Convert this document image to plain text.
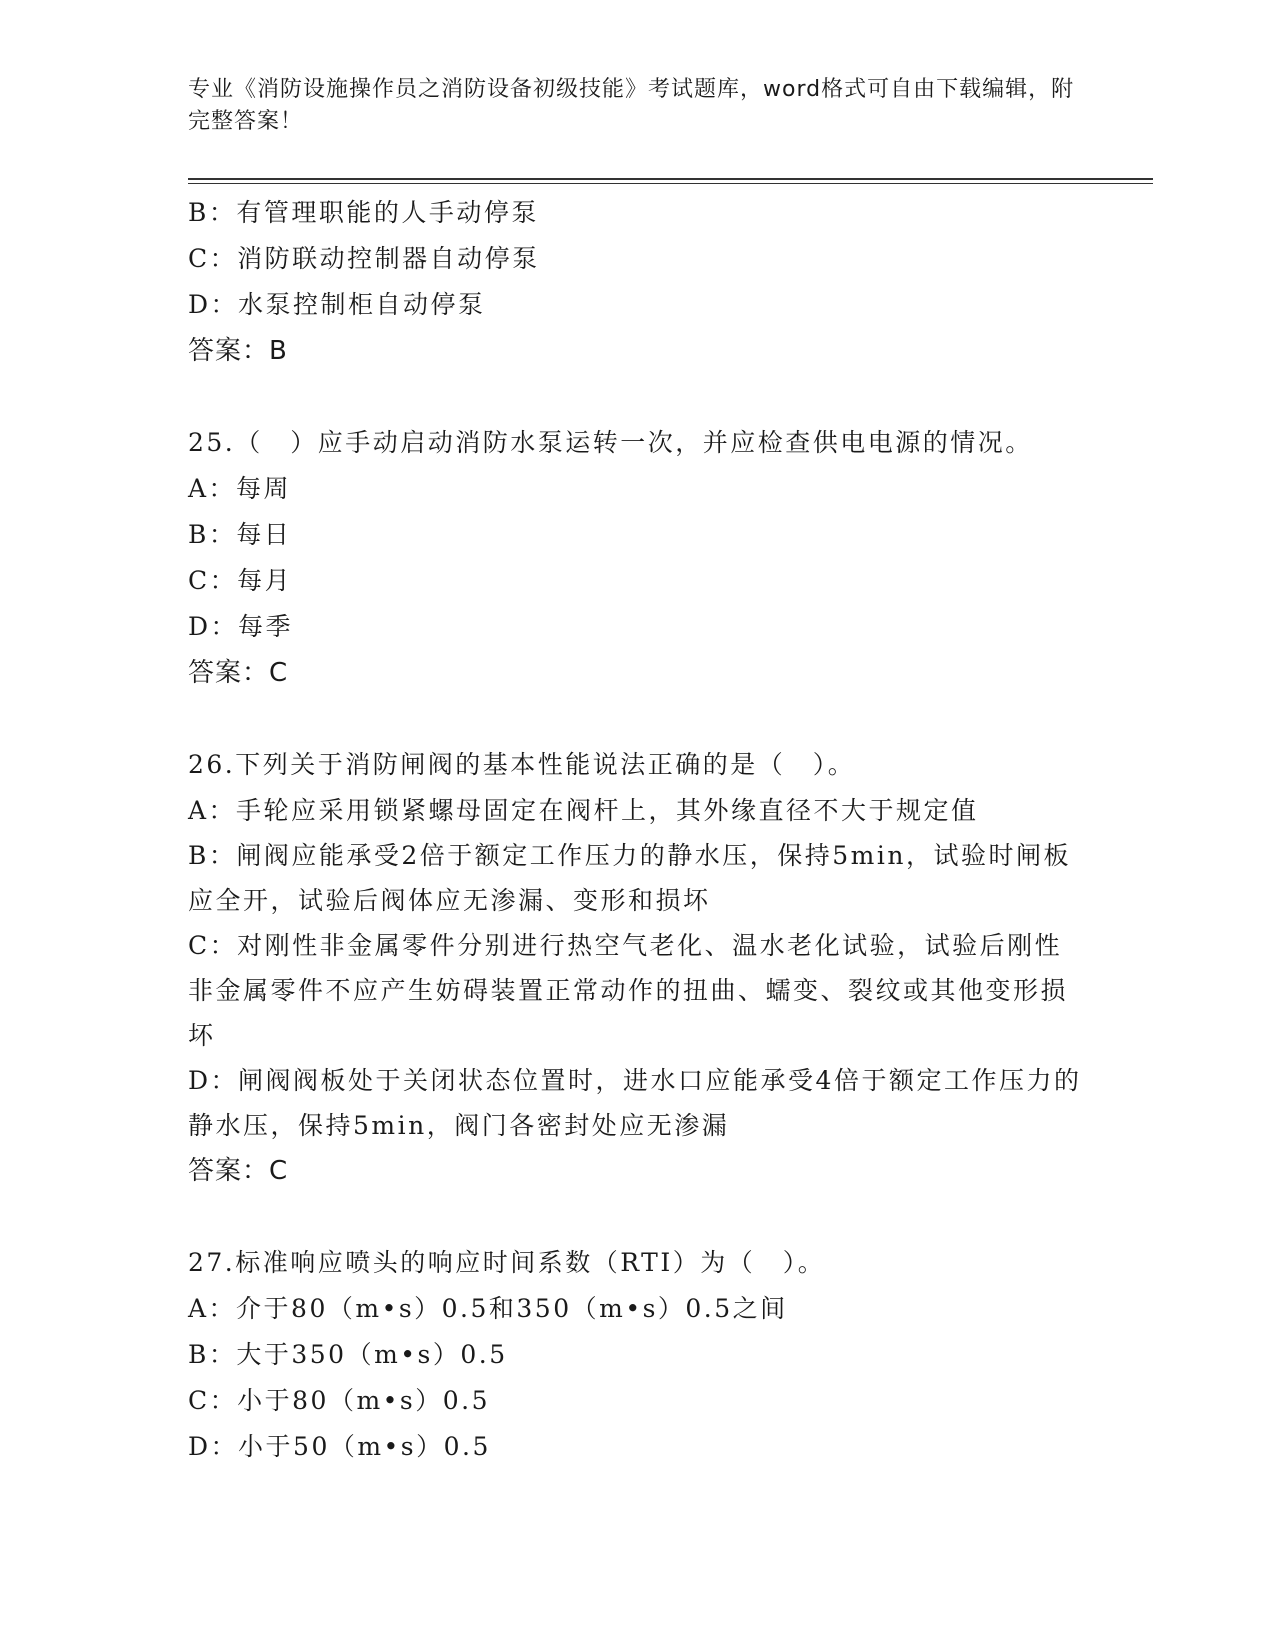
专业《消防设施操作员之消防设备初级技能》考试题库，word格式可自由下载编辑，附完整答案！
B：有管理职能的人手动停泵
C：消防联动控制器自动停泵
D：水泵控制柜自动停泵
答案：B
25.（　）应手动启动消防水泵运转一次，并应检查供电电源的情况。
A：每周
B：每日
C：每月
D：每季
答案：C
26.下列关于消防闸阀的基本性能说法正确的是（　）。
A：手轮应采用锁紧螺母固定在阀杆上，其外缘直径不大于规定值
B：闸阀应能承受2倍于额定工作压力的静水压，保持5min，试验时闸板应全开，试验后阀体应无渗漏、变形和损坏
C：对刚性非金属零件分别进行热空气老化、温水老化试验，试验后刚性非金属零件不应产生妨碍装置正常动作的扭曲、蠕变、裂纹或其他变形损坏
D：闸阀阀板处于关闭状态位置时，进水口应能承受4倍于额定工作压力的静水压，保持5min，阀门各密封处应无渗漏
答案：C
27.标准响应喷头的响应时间系数（RTI）为（　）。
A：介于80（m•s）0.5和350（m•s）0.5之间
B：大于350（m•s）0.5
C：小于80（m•s）0.5
D：小于50（m•s）0.5
